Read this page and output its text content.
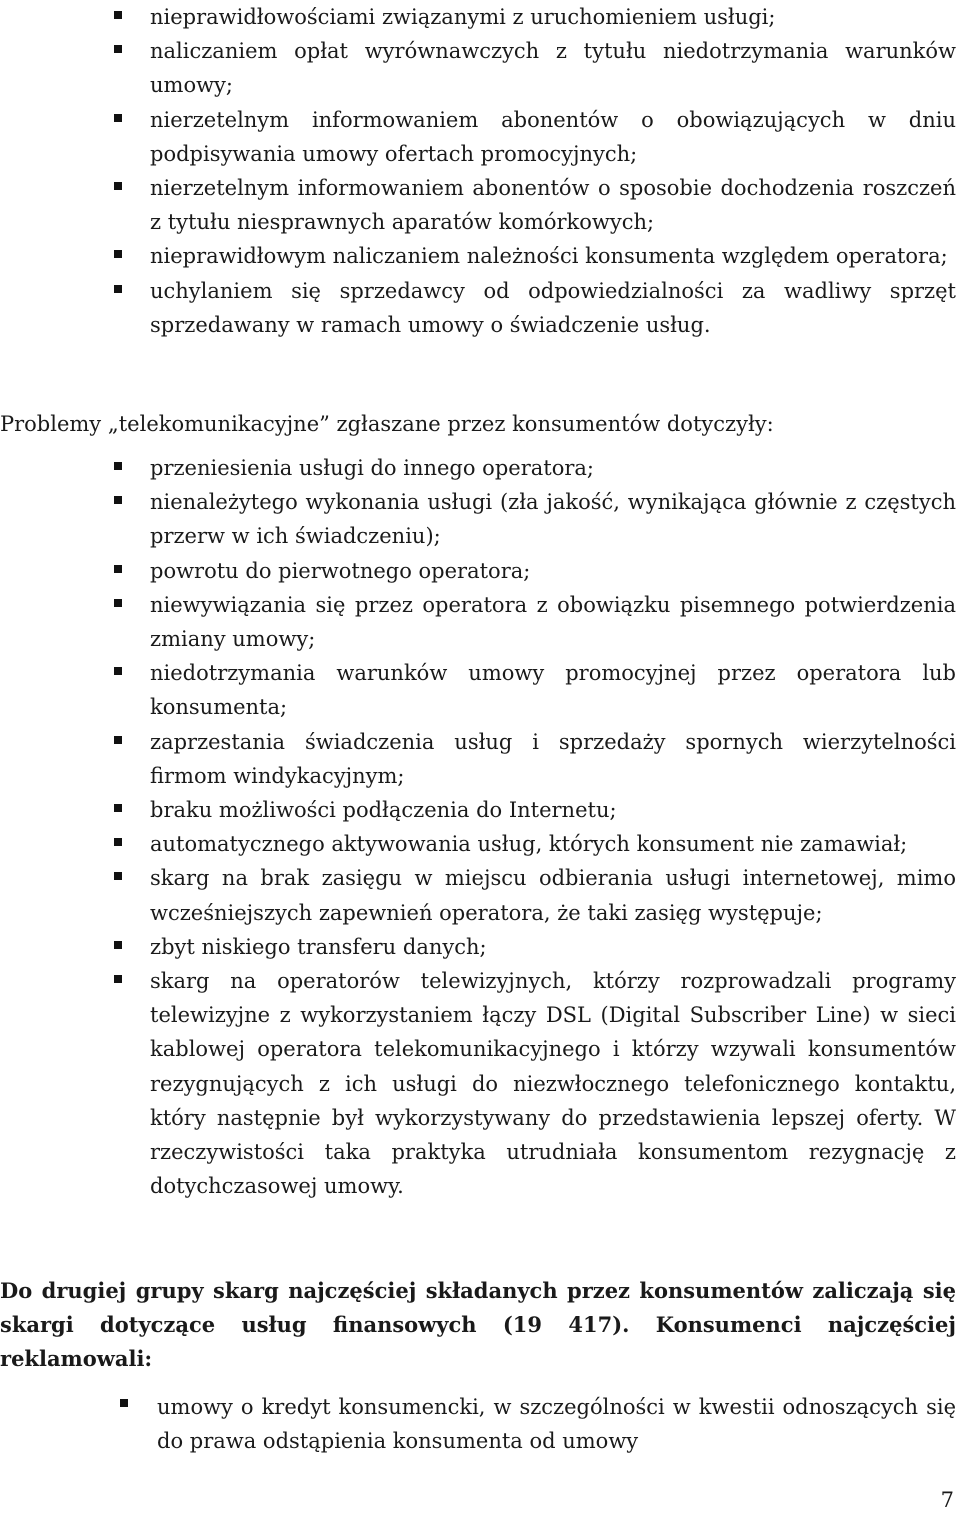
nieprawidłowościami związanymi z uruchomieniem usługi;
naliczaniem opłat wyrównawczych z tytułu niedotrzymania warunków umowy;
nierzetelnym informowaniem abonentów o obowiązujących w dniu podpisywania umowy ofertach promocyjnych;
nierzetelnym informowaniem abonentów o sposobie dochodzenia roszczeń z tytułu niesprawnych aparatów komórkowych;
nieprawidłowym naliczaniem należności konsumenta względem operatora;
uchylaniem się sprzedawcy od odpowiedzialności za wadliwy sprzęt sprzedawany w ramach umowy o świadczenie usług.

Problemy „telekomunikacyjne” zgłaszane przez konsumentów dotyczyły:

przeniesienia usługi do innego operatora;
nienależytego wykonania usługi (zła jakość, wynikająca głównie z częstych przerw w ich świadczeniu);
powrotu do pierwotnego operatora;
niewywiązania się przez operatora z obowiązku pisemnego potwierdzenia zmiany umowy;
niedotrzymania warunków umowy promocyjnej przez operatora lub konsumenta;
zaprzestania świadczenia usług i sprzedaży spornych wierzytelności firmom windykacyjnym;
braku możliwości podłączenia do Internetu;
automatycznego aktywowania usług, których konsument nie zamawiał;
skarg na brak zasięgu w miejscu odbierania usługi internetowej, mimo wcześniejszych zapewnień operatora, że taki zasięg występuje;
zbyt niskiego transferu danych;
skarg na operatorów telewizyjnych, którzy rozprowadzali programy telewizyjne z wykorzystaniem łączy DSL (Digital Subscriber Line) w sieci kablowej operatora telekomunikacyjnego i którzy wzywali konsumentów rezygnujących z ich usługi do niezwłocznego telefonicznego kontaktu, który następnie był wykorzystywany do przedstawienia lepszej oferty. W rzeczywistości taka praktyka utrudniała konsumentom rezygnację z dotychczasowej umowy.

Do drugiej grupy skarg najczęściej składanych przez konsumentów zaliczają się skargi dotyczące usług finansowych (19 417). Konsumenci najczęściej reklamowali:

umowy o kredyt konsumencki, w szczególności w kwestii odnoszących się do prawa odstąpienia konsumenta od umowy
7
